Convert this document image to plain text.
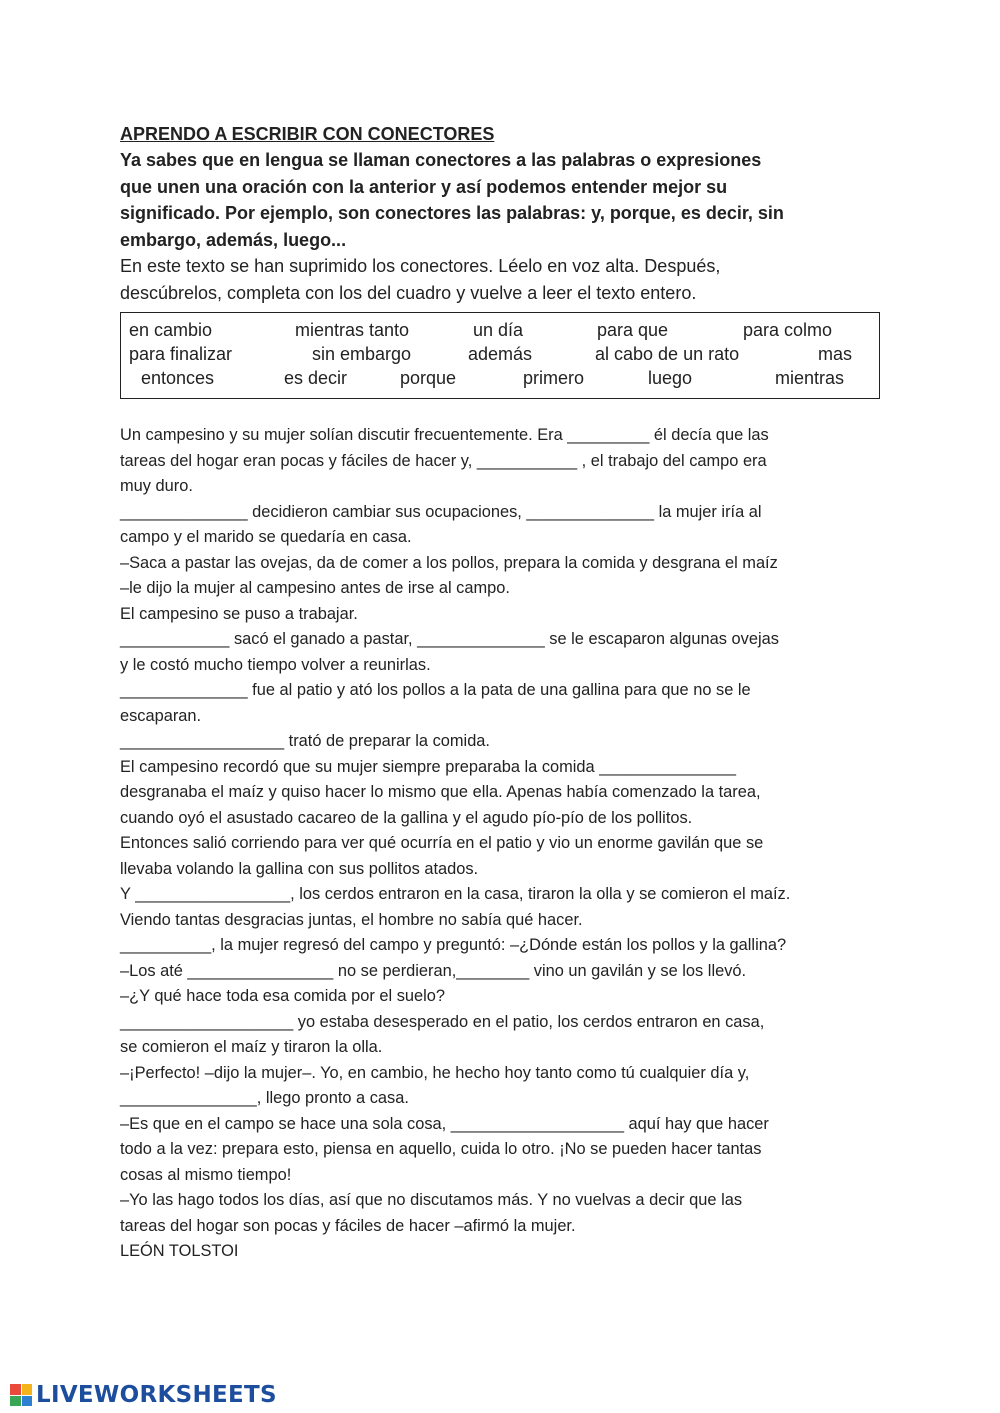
APRENDO A ESCRIBIR CON CONECTORES

Ya sabes que en lengua se llaman conectores a las palabras o expresiones

que unen una oración con la anterior y así podemos entender mejor su

significado. Por ejemplo, son conectores las palabras: y, porque, es decir, sin

embargo, además, luego...

En este texto se han suprimido los conectores. Léelo en voz alta. Después,

descúbrelos, completa con los del cuadro y vuelve a leer el texto entero.

en cambio	mientras tanto	un día	para que	para colmo
para finalizar	sin embargo	además	al cabo de un rato	mas
entonces	es decir	porque	primero	luego	mientras

Un campesino y su mujer solían discutir frecuentemente. Era _________ él decía que las

tareas del hogar eran pocas y fáciles de hacer y, ___________ , el trabajo del campo era

muy duro.

______________ decidieron cambiar sus ocupaciones, ______________ la mujer iría al

campo y el marido se quedaría en casa.

–Saca a pastar las ovejas, da de comer a los pollos, prepara la comida y desgrana el maíz

–le dijo la mujer al campesino antes de irse al campo.

El campesino se puso a trabajar.

____________ sacó el ganado a pastar, ______________ se le escaparon algunas ovejas

y le costó mucho tiempo volver a reunirlas.

______________ fue al patio y ató los pollos a la pata de una gallina para que no se le

escaparan.

__________________ trató de preparar la comida.

El campesino recordó que su mujer siempre preparaba la comida _______________

desgranaba el maíz y quiso hacer lo mismo que ella. Apenas había comenzado la tarea,

cuando oyó el asustado cacareo de la gallina y el agudo pío-pío de los pollitos.

Entonces salió corriendo para ver qué ocurría en el patio y vio un enorme gavilán que se

llevaba volando la gallina con sus pollitos atados.

Y _________________, los cerdos entraron en la casa, tiraron la olla y se comieron el maíz.

Viendo tantas desgracias juntas, el hombre no sabía qué hacer.

__________, la mujer regresó del campo y preguntó: –¿Dónde están los pollos y la gallina?

–Los até ________________ no se perdieran,________ vino un gavilán y se los llevó.

–¿Y qué hace toda esa comida por el suelo?

___________________ yo estaba desesperado en el patio, los cerdos entraron en casa,

se comieron el maíz y tiraron la olla.

–¡Perfecto! –dijo la mujer–. Yo, en cambio, he hecho hoy tanto como tú cualquier día y,

_______________, llego pronto a casa.

–Es que en el campo se hace una sola cosa, ___________________ aquí hay que hacer

todo a la vez: prepara esto, piensa en aquello, cuida lo otro. ¡No se pueden hacer tantas

cosas al mismo tiempo!

–Yo las hago todos los días, así que no discutamos más. Y no vuelvas a decir que las

tareas del hogar son pocas y fáciles de hacer –afirmó la mujer.

LEÓN TOLSTOI

LIVEWORKSHEETS
